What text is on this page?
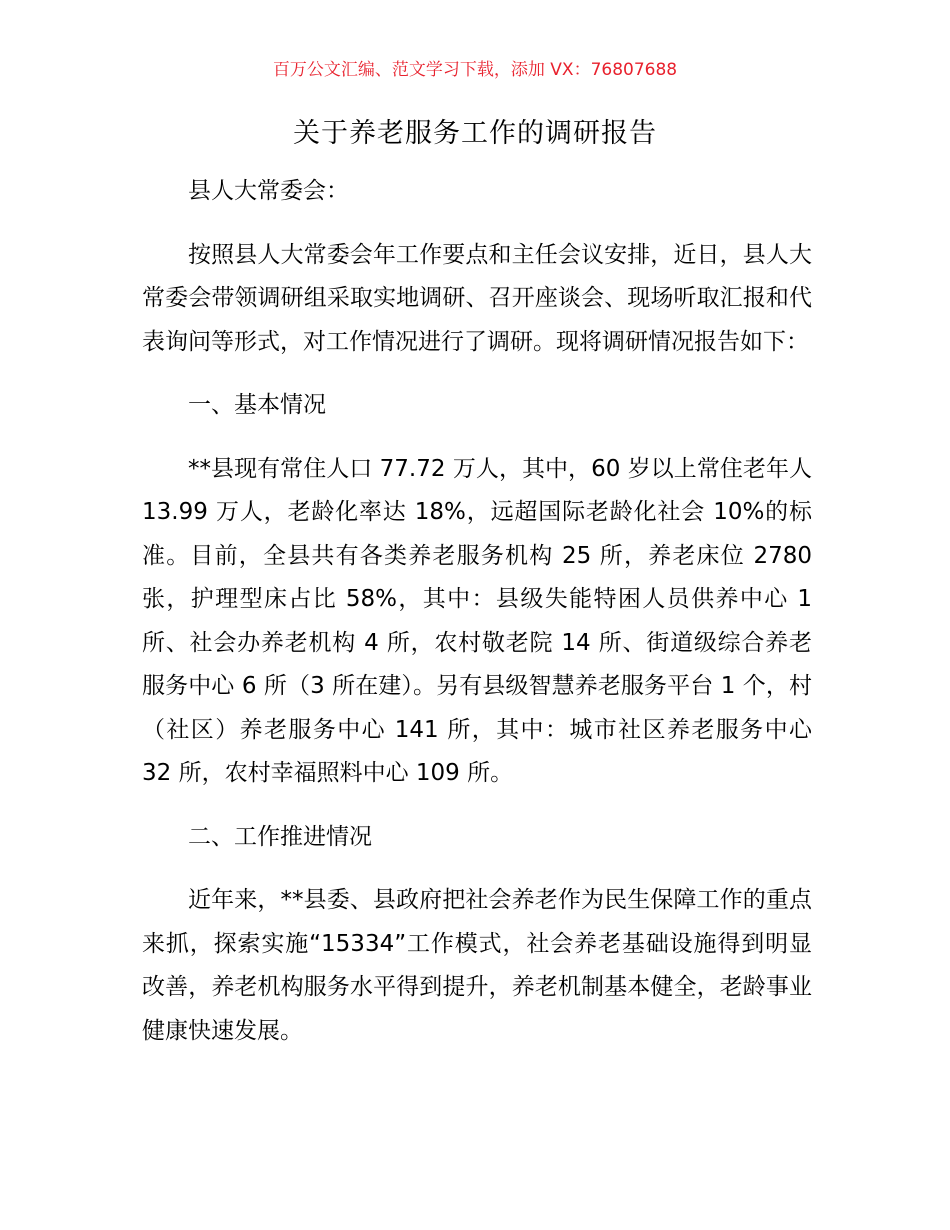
百万公文汇编、范文学习下载，添加 VX：76807688
关于养老服务工作的调研报告

县人大常委会：

按照县人大常委会年工作要点和主任会议安排，近日，县人大常委会带领调研组采取实地调研、召开座谈会、现场听取汇报和代表询问等形式，对工作情况进行了调研。现将调研情况报告如下：

一、基本情况

**县现有常住人口 77.72 万人，其中，60 岁以上常住老年人 13.99 万人，老龄化率达 18%，远超国际老龄化社会 10%的标准。目前，全县共有各类养老服务机构 25 所，养老床位 2780 张，护理型床占比 58%，其中：县级失能特困人员供养中心 1 所、社会办养老机构 4 所，农村敬老院 14 所、街道级综合养老服务中心 6 所（3 所在建）。另有县级智慧养老服务平台 1 个，村（社区）养老服务中心 141 所，其中：城市社区养老服务中心 32 所，农村幸福照料中心 109 所。

二、工作推进情况

近年来，**县委、县政府把社会养老作为民生保障工作的重点来抓，探索实施“15334”工作模式，社会养老基础设施得到明显改善，养老机构服务水平得到提升，养老机制基本健全，老龄事业健康快速发展。
